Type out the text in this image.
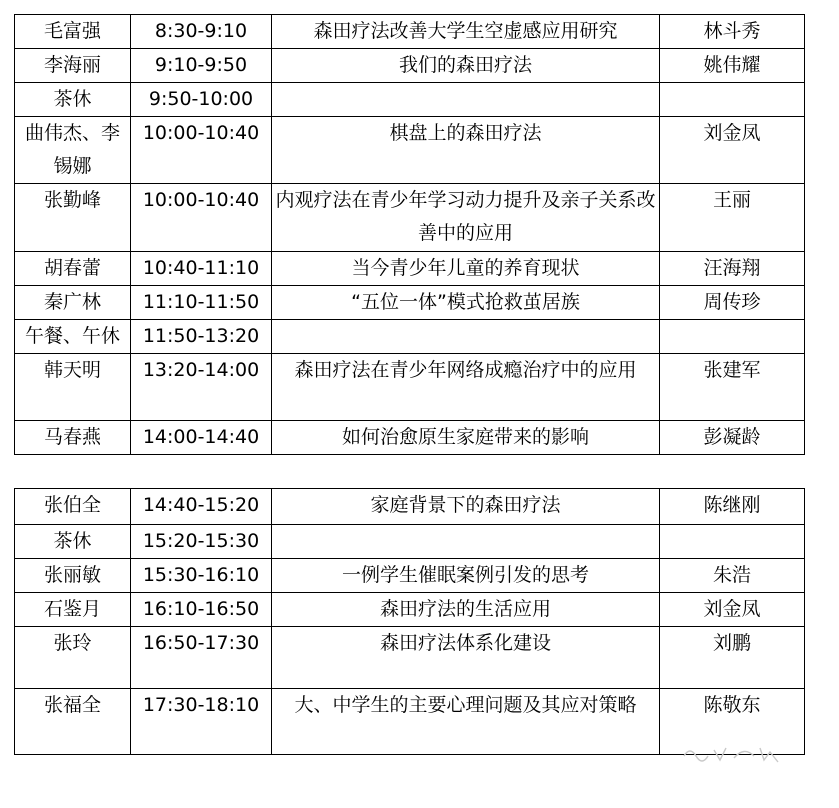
毛富强	8:30-9:10	森田疗法改善大学生空虚感应用研究	林斗秀
李海丽	9:10-9:50	我们的森田疗法	姚伟耀
茶休	9:50-10:00		
曲伟杰、李锡娜	10:00-10:40	棋盘上的森田疗法	刘金凤
张勤峰	10:00-10:40	内观疗法在青少年学习动力提升及亲子关系改善中的应用	王丽
胡春蕾	10:40-11:10	当今青少年儿童的养育现状	汪海翔
秦广林	11:10-11:50	“五位一体”模式抢救茧居族	周传珍
午餐、午休	11:50-13:20		
韩天明	13:20-14:00	森田疗法在青少年网络成瘾治疗中的应用	张建军
马春燕	14:00-14:40	如何治愈原生家庭带来的影响	彭凝龄
张伯全	14:40-15:20	家庭背景下的森田疗法	陈继刚
茶休	15:20-15:30		
张丽敏	15:30-16:10	一例学生催眠案例引发的思考	朱浩
石鉴月	16:10-16:50	森田疗法的生活应用	刘金凤
张玲	16:50-17:30	森田疗法体系化建设	刘鹏
张福全	17:30-18:10	大、中学生的主要心理问题及其应对策略	陈敬东
